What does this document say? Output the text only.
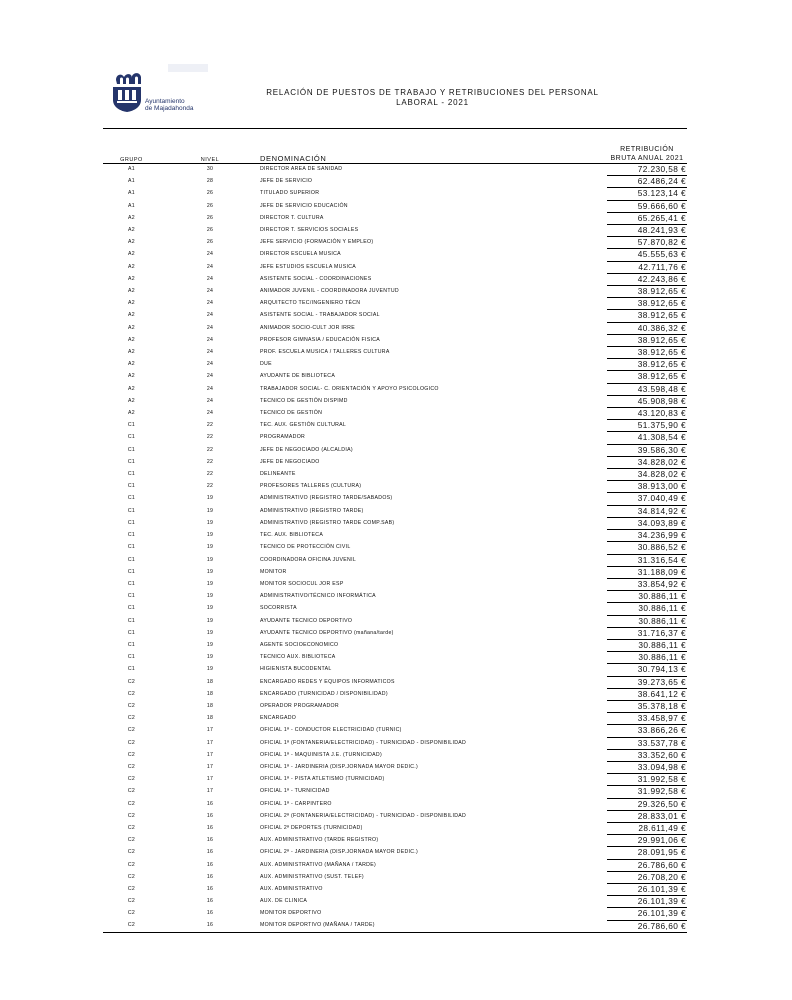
Ayuntamiento
de Majadahonda
RELACIÓN DE PUESTOS DE TRABAJO Y RETRIBUCIONES DEL PERSONAL
LABORAL - 2021
GRUPO	NIVEL	DENOMINACIÓN	RETRIBUCIÓN
BRUTA ANUAL 2021

A1	30	DIRECTOR AREA DE SANIDAD	72.230,58 €
A1	28	JEFE DE SERVICIO	62.486,24 €
A1	26	TITULADO SUPERIOR	53.123,14 €
A1	26	JEFE DE SERVICIO EDUCACIÓN	59.666,60 €
A2	26	DIRECTOR T. CULTURA	65.265,41 €
A2	26	DIRECTOR T. SERVICIOS SOCIALES	48.241,93 €
A2	26	JEFE SERVICIO (FORMACIÓN Y EMPLEO)	57.870,82 €
A2	24	DIRECTOR ESCUELA MUSICA	45.555,63 €
A2	24	JEFE ESTUDIOS ESCUELA MUSICA	42.711,76 €
A2	24	ASISTENTE SOCIAL - COORDINACIONES	42.243,86 €
A2	24	ANIMADOR JUVENIL - COORDINADORA JUVENTUD	38.912,65 €
A2	24	ARQUITECTO TEC/INGENIERO TÉCN	38.912,65 €
A2	24	ASISTENTE SOCIAL - TRABAJADOR SOCIAL	38.912,65 €
A2	24	ANIMADOR SOCIO-CULT JOR IRRE	40.386,32 €
A2	24	PROFESOR GIMNASIA / EDUCACIÓN FISICA	38.912,65 €
A2	24	PROF. ESCUELA MUSICA / TALLERES CULTURA	38.912,65 €
A2	24	DUE	38.912,65 €
A2	24	AYUDANTE DE BIBLIOTECA	38.912,65 €
A2	24	TRABAJADOR SOCIAL- C. ORIENTACIÓN Y APOYO PSICOLOGICO	43.598,48 €
A2	24	TECNICO DE GESTIÓN DISPIMD	45.908,98 €
A2	24	TECNICO DE GESTIÓN	43.120,83 €
C1	22	TEC. AUX. GESTIÓN CULTURAL	51.375,90 €
C1	22	PROGRAMADOR	41.308,54 €
C1	22	JEFE DE NEGOCIADO (ALCALDIA)	39.586,30 €
C1	22	JEFE DE NEGOCIADO	34.828,02 €
C1	22	DELINEANTE	34.828,02 €
C1	22	PROFESORES TALLERES (CULTURA)	38.913,00 €
C1	19	ADMINISTRATIVO (REGISTRO TARDE/SABADOS)	37.040,49 €
C1	19	ADMINISTRATIVO (REGISTRO TARDE)	34.814,92 €
C1	19	ADMINISTRATIVO (REGISTRO TARDE COMP.SAB)	34.093,89 €
C1	19	TEC. AUX. BIBLIOTECA	34.236,99 €
C1	19	TECNICO DE PROTECCIÓN CIVIL	30.886,52 €
C1	19	COORDINADORA OFICINA JUVENIL	31.316,54 €
C1	19	MONITOR	31.188,09 €
C1	19	MONITOR SOCIOCUL JOR ESP	33.854,92 €
C1	19	ADMINISTRATIVO/TÉCNICO INFORMÁTICA	30.886,11 €
C1	19	SOCORRISTA	30.886,11 €
C1	19	AYUDANTE TECNICO DEPORTIVO	30.886,11 €
C1	19	AYUDANTE TECNICO DEPORTIVO (mañana/tarde)	31.716,37 €
C1	19	AGENTE SOCIOECONOMICO	30.886,11 €
C1	19	TECNICO AUX. BIBLIOTECA	30.886,11 €
C1	19	HIGIENISTA BUCODENTAL	30.794,13 €
C2	18	ENCARGADO REDES Y EQUIPOS INFORMATICOS	39.273,65 €
C2	18	ENCARGADO (TURNICIDAD / DISPONIBILIDAD)	38.641,12 €
C2	18	OPERADOR PROGRAMADOR	35.378,18 €
C2	18	ENCARGADO	33.458,97 €
C2	17	OFICIAL 1ª - CONDUCTOR ELECTRICIDAD (TURNIC)	33.866,26 €
C2	17	OFICIAL 1ª (FONTANERIA/ELECTRICIDAD) - TURNICIDAD - DISPONIBILIDAD	33.537,78 €
C2	17	OFICIAL 1ª - MAQUINISTA J.E. (TURNICIDAD)	33.352,60 €
C2	17	OFICIAL 1ª - JARDINERIA (DISP.JORNADA MAYOR DEDIC.)	33.094,98 €
C2	17	OFICIAL 1ª - PISTA ATLETISMO (TURNICIDAD)	31.992,58 €
C2	17	OFICIAL 1ª - TURNICIDAD	31.992,58 €
C2	16	OFICIAL 1ª - CARPINTERO	29.326,50 €
C2	16	OFICIAL 2ª (FONTANERIA/ELECTRICIDAD) - TURNICIDAD - DISPONIBILIDAD	28.833,01 €
C2	16	OFICIAL 2ª DEPORTES (TURNICIDAD)	28.611,49 €
C2	16	AUX. ADMINISTRATIVO (TARDE REGISTRO)	29.991,06 €
C2	16	OFICIAL 2ª - JARDINERIA (DISP.JORNADA MAYOR DEDIC.)	28.091,95 €
C2	16	AUX. ADMINISTRATIVO (MAÑANA / TARDE)	26.786,60 €
C2	16	AUX. ADMINISTRATIVO (SUST. TELEF)	26.708,20 €
C2	16	AUX. ADMINISTRATIVO	26.101,39 €
C2	16	AUX. DE CLINICA	26.101,39 €
C2	16	MONITOR DEPORTIVO	26.101,39 €
C2	16	MONITOR DEPORTIVO (MAÑANA / TARDE)	26.786,60 €
